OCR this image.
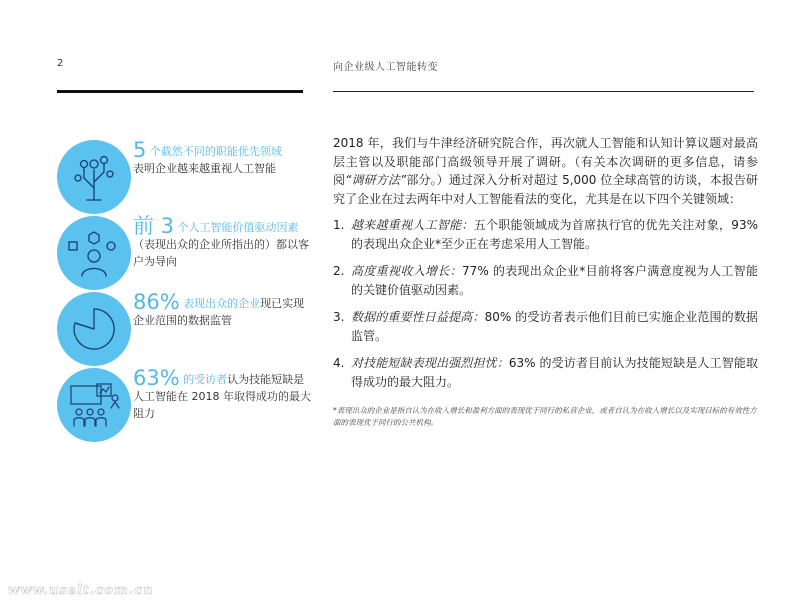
2	向企业级人工智能转变
5 个截然不同的职能优先领域
表明企业越来越重视人工智能
前 3 个人工智能价值驱动因素（表现出众的企业所指出的）都以客户为导向
86% 表现出众的企业现已实现企业范围的数据监管
63% 的受访者认为技能短缺是人工智能在 2018 年取得成功的最大阻力

2018 年，我们与牛津经济研究院合作，再次就人工智能和认知计算议题对最高层主管以及职能部门高级领导开展了调研。（有关本次调研的更多信息，请参阅“调研方法”部分。）通过深入分析对超过 5,000 位全球高管的访谈，本报告研究了企业在过去两年中对人工智能看法的变化，尤其是在以下四个关键领域：

1. 越来越重视人工智能：五个职能领域成为首席执行官的优先关注对象，93% 的表现出众企业*至少正在考虑采用人工智能。
2. 高度重视收入增长：77% 的表现出众企业*目前将客户满意度视为人工智能的关键价值驱动因素。
3. 数据的重要性日益提高：80% 的受访者表示他们目前已实施企业范围的数据监管。
4. 对技能短缺表现出强烈担忧：63% 的受访者目前认为技能短缺是人工智能取得成功的最大阻力。
*表现出众的企业是指自认为在收入增长和盈利方面的表现优于同行的私营企业，或者自认为在收入增长以及实现目标的有效性方面的表现优于同行的公共机构。
www.uselt.com.cn
